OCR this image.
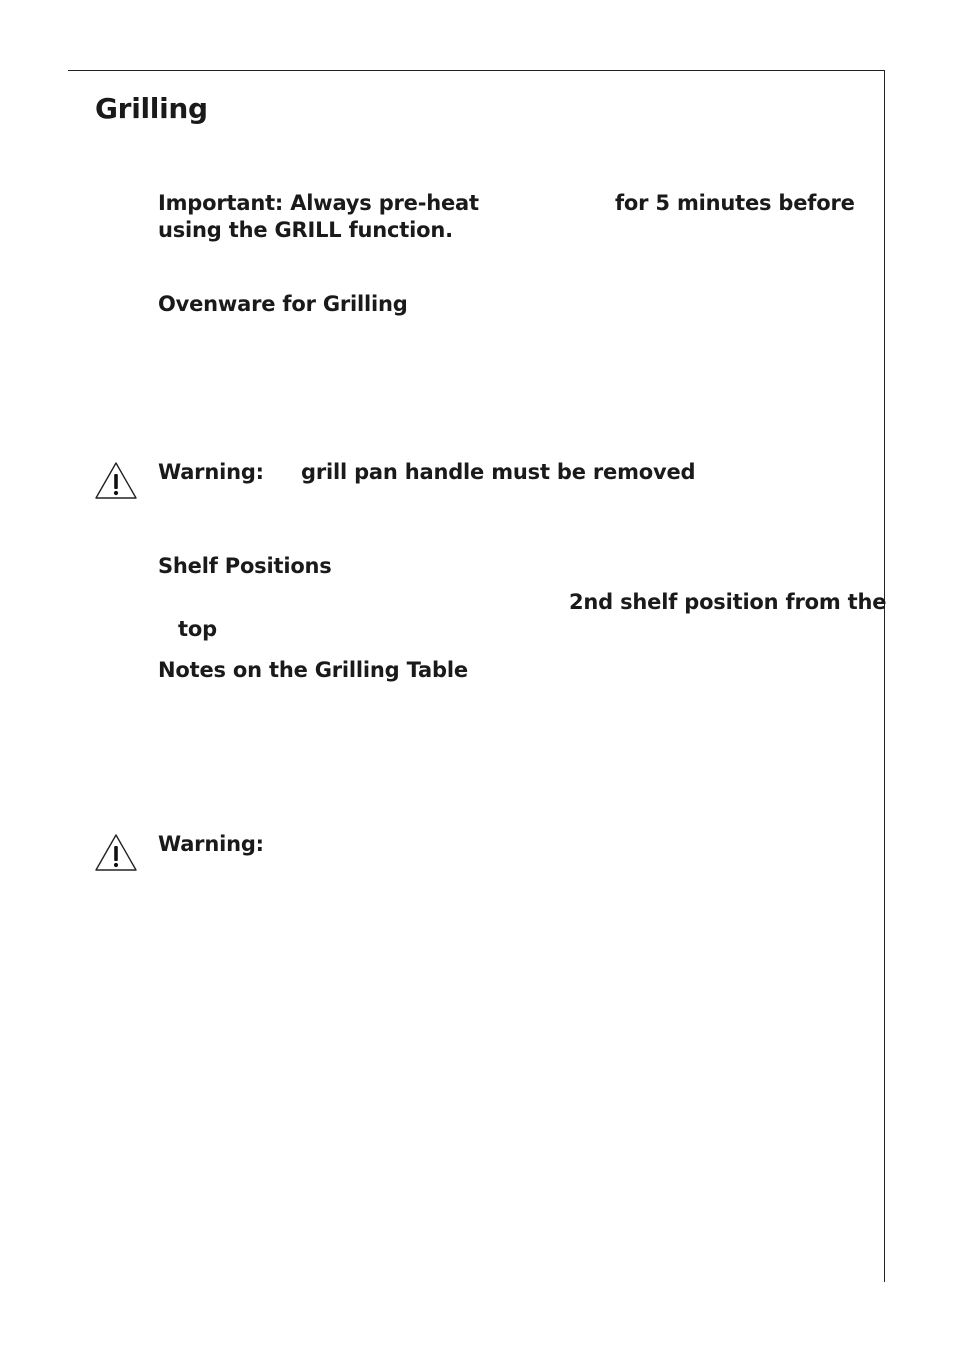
Grilling

Important: Always pre-heat	for 5 minutes before

using the GRILL function.

Ovenware for Grilling

Warning: grill pan handle must be removed

Shelf Positions

2nd shelf position from the

top

Notes on the Grilling Table

Warning:
